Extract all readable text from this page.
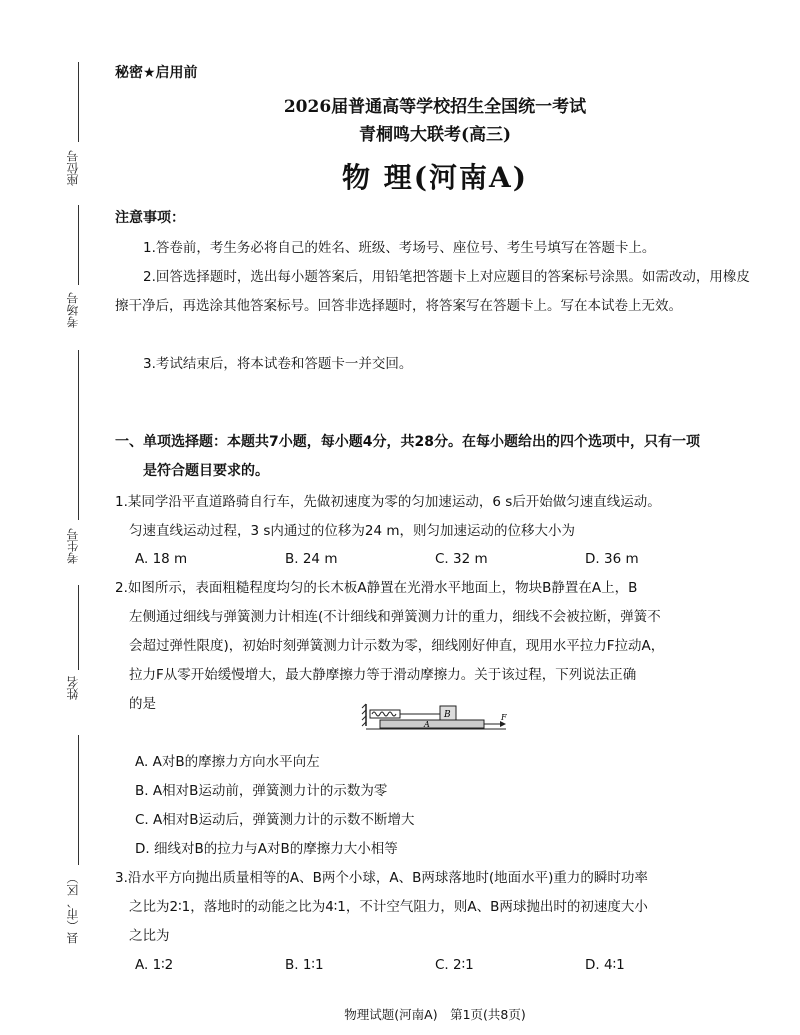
座位号
考场号
考生号
姓名
县（市、区）
秘密★启用前
2026届普通高等学校招生全国统一考试
青桐鸣大联考(高三)
物 理(河南A)
注意事项：
1.答卷前，考生务必将自己的姓名、班级、考场号、座位号、考生号填写在答题卡上。
2.回答选择题时，选出每小题答案后，用铅笔把答题卡上对应题目的答案标号涂黑。如需改动，用橡皮擦干净后，再选涂其他答案标号。回答非选择题时，将答案写在答题卡上。写在本试卷上无效。
3.考试结束后，将本试卷和答题卡一并交回。
一、单项选择题：本题共7小题，每小题4分，共28分。在每小题给出的四个选项中，只有一项
是符合题目要求的。
1.某同学沿平直道路骑自行车，先做初速度为零的匀加速运动，6 s后开始做匀速直线运动。
匀速直线运动过程，3 s内通过的位移为24 m，则匀加速运动的位移大小为
A. 18 m	B. 24 m	C. 32 m	D. 36 m
2.如图所示，表面粗糙程度均匀的长木板A静置在光滑水平地面上，物块B静置在A上，B
左侧通过细线与弹簧测力计相连(不计细线和弹簧测力计的重力，细线不会被拉断，弹簧不
会超过弹性限度)，初始时刻弹簧测力计示数为零，细线刚好伸直，现用水平拉力F拉动A，
拉力F从零开始缓慢增大，最大静摩擦力等于滑动摩擦力。关于该过程，下列说法正确
的是
B
A
F
A. A对B的摩擦力方向水平向左
B. A相对B运动前，弹簧测力计的示数为零
C. A相对B运动后，弹簧测力计的示数不断增大
D. 细线对B的拉力与A对B的摩擦力大小相等
3.沿水平方向抛出质量相等的A、B两个小球，A、B两球落地时(地面水平)重力的瞬时功率
之比为2∶1，落地时的动能之比为4∶1，不计空气阻力，则A、B两球抛出时的初速度大小
之比为
A. 1∶2	B. 1∶1	C. 2∶1	D. 4∶1
物理试题(河南A)　第1页(共8页)
